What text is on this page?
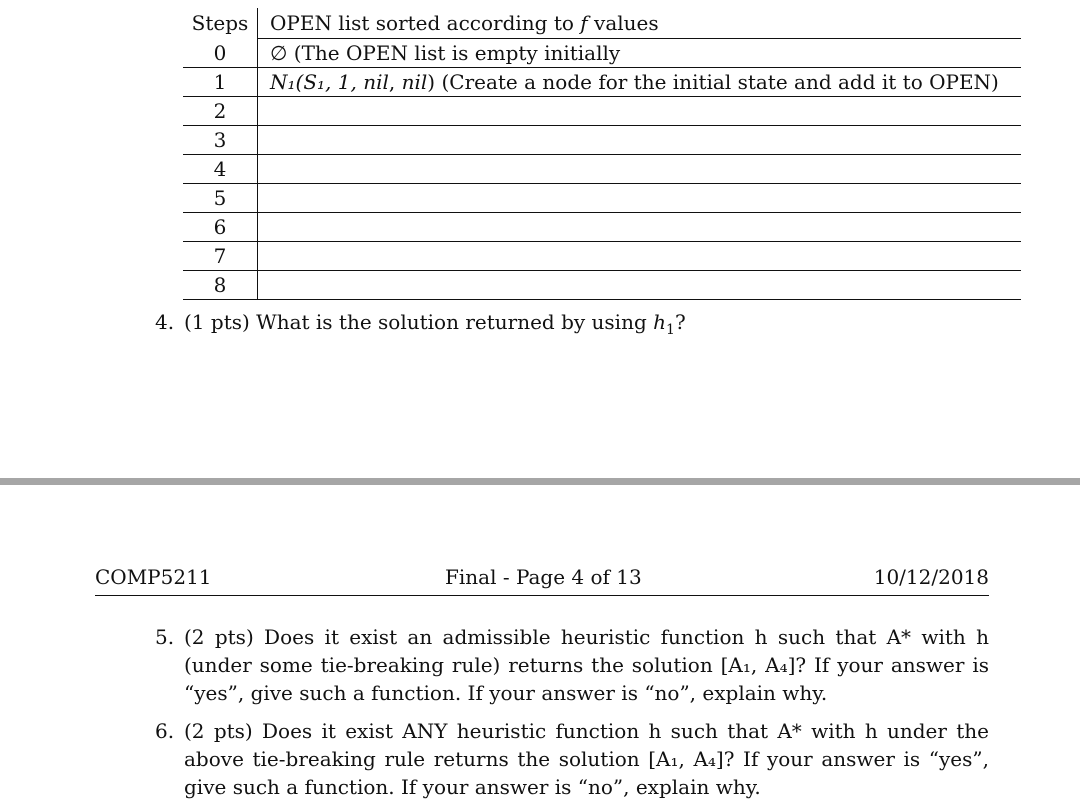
Steps	OPEN list sorted according to f values
0	∅ (The OPEN list is empty initially
1	N₁(S₁, 1, nil, nil) (Create a node for the initial state and add it to OPEN)
2	
3	
4	
5	
6	
7	
8	
4. (1 pts) What is the solution returned by using $h_1$?
COMP5211	Final - Page 4 of 13	10/12/2018
5. (2 pts) Does it exist an admissible heuristic function h such that A* with h (under some tie-breaking rule) returns the solution [A₁, A₄]? If your answer is “yes”, give such a function. If your answer is “no”, explain why.
6. (2 pts) Does it exist ANY heuristic function h such that A* with h under the above tie-breaking rule returns the solution [A₁, A₄]? If your answer is “yes”, give such a function. If your answer is “no”, explain why.
